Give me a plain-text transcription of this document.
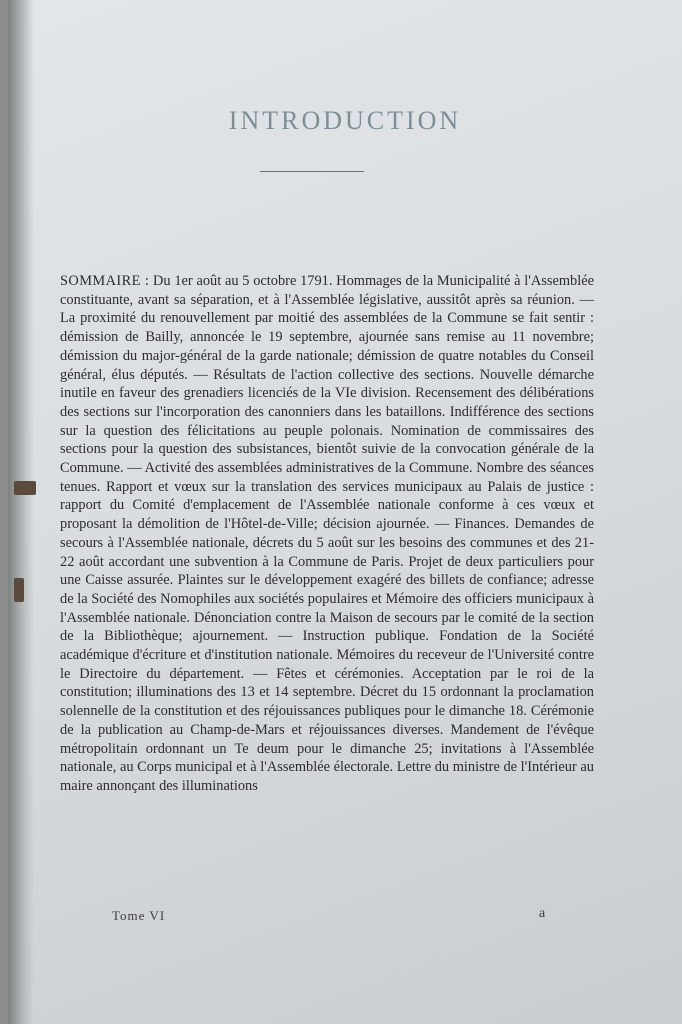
INTRODUCTION

SOMMAIRE : Du 1er août au 5 octobre 1791. Hommages de la Municipalité à l'Assemblée constituante, avant sa séparation, et à l'Assemblée législative, aussitôt après sa réunion. — La proximité du renouvellement par moitié des assemblées de la Commune se fait sentir : démission de Bailly, annoncée le 19 septembre, ajournée sans remise au 11 novembre; démission du major-général de la garde nationale; démission de quatre notables du Conseil général, élus députés. — Résultats de l'action collective des sections. Nouvelle démarche inutile en faveur des grenadiers licenciés de la VIe division. Recensement des délibérations des sections sur l'incorporation des canonniers dans les bataillons. Indifférence des sections sur la question des félicitations au peuple polonais. Nomination de commissaires des sections pour la question des subsistances, bientôt suivie de la convocation générale de la Commune. — Activité des assemblées administratives de la Commune. Nombre des séances tenues. Rapport et vœux sur la translation des services municipaux au Palais de justice : rapport du Comité d'emplacement de l'Assemblée nationale conforme à ces vœux et proposant la démolition de l'Hôtel-de-Ville; décision ajournée. — Finances. Demandes de secours à l'Assemblée nationale, décrets du 5 août sur les besoins des communes et des 21-22 août accordant une subvention à la Commune de Paris. Projet de deux particuliers pour une Caisse assurée. Plaintes sur le développement exagéré des billets de confiance; adresse de la Société des Nomophiles aux sociétés populaires et Mémoire des officiers municipaux à l'Assemblée nationale. Dénonciation contre la Maison de secours par le comité de la section de la Bibliothèque; ajournement. — Instruction publique. Fondation de la Société académique d'écriture et d'institution nationale. Mémoires du receveur de l'Université contre le Directoire du département. — Fêtes et cérémonies. Acceptation par le roi de la constitution; illuminations des 13 et 14 septembre. Décret du 15 ordonnant la proclamation solennelle de la constitution et des réjouissances publiques pour le dimanche 18. Cérémonie de la publication au Champ-de-Mars et réjouissances diverses. Mandement de l'évêque métropolitain ordonnant un Te deum pour le dimanche 25; invitations à l'Assemblée nationale, au Corps municipal et à l'Assemblée électorale. Lettre du ministre de l'Intérieur au maire annonçant des illuminations

Tome VI	a
